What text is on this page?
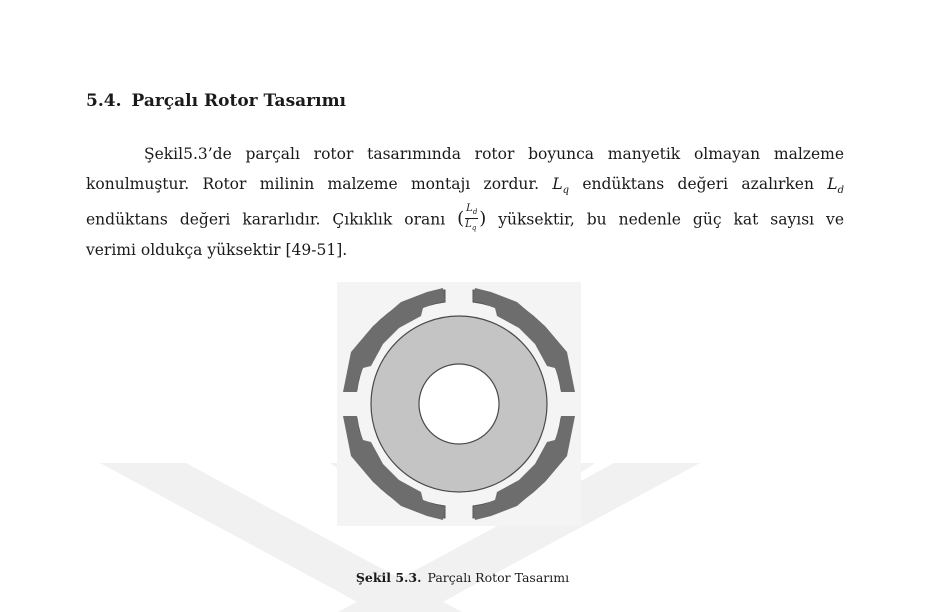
5.4. Parçalı Rotor Tasarımı
Şekil5.3’de parçalı rotor tasarımında rotor boyunca manyetik olmayan malzeme
konulmuştur. Rotor milinin malzeme montajı zordur. $L_q$ endüktans değeri azalırken $L_d$
endüktans değeri kararlıdır. Çıkıklık oranı ( $\frac{L_d}{L_q}$ ) yüksektir, bu nedenle güç kat sayısı ve
verimi oldukça yüksektir [49-51].
Şekil 5.3. Parçalı Rotor Tasarımı
